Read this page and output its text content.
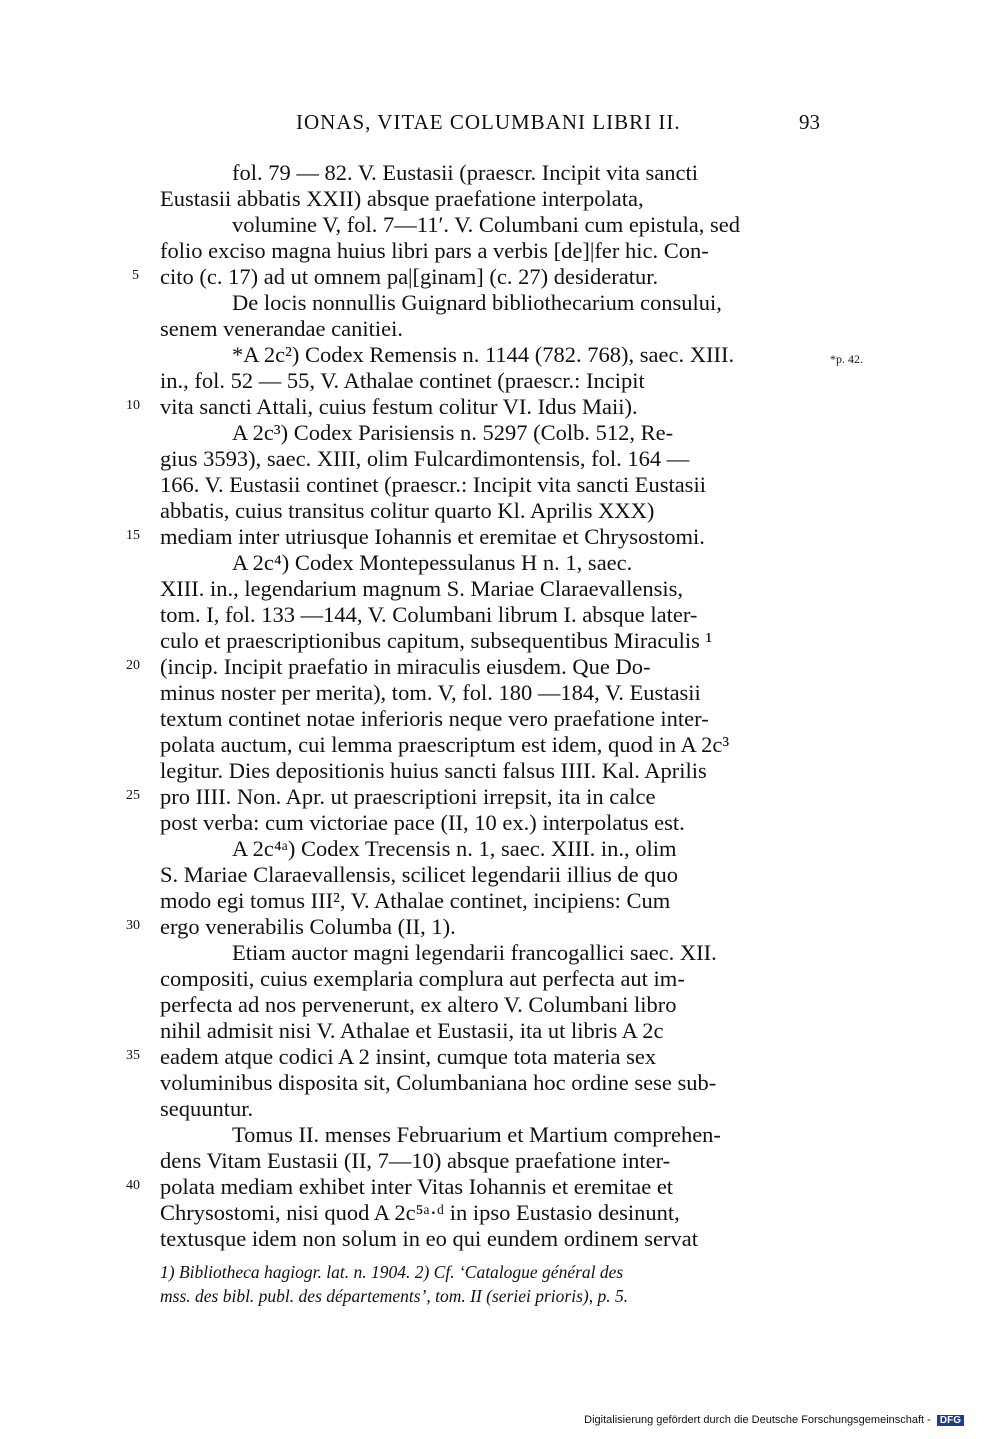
IONAS, VITAE COLUMBANI LIBRI II.	93
fol. 79 — 82. V. Eustasii (praescr. Incipit vita sancti
Eustasii abbatis XXII) absque praefatione interpolata,
volumine V, fol. 7—11′. V. Columbani cum epistula, sed
folio exciso magna huius libri pars a verbis [de]|fer hic. Con-
cito (c. 17) ad ut omnem pa|[ginam] (c. 27) desideratur.
De locis nonnullis Guignard bibliothecarium consului,
senem venerandae canitiei.
*A 2c²) Codex Remensis n. 1144 (782. 768), saec. XIII.
in., fol. 52 — 55, V. Athalae continet (praescr.: Incipit
vita sancti Attali, cuius festum colitur VI. Idus Maii).
A 2c³) Codex Parisiensis n. 5297 (Colb. 512, Re-
gius 3593), saec. XIII, olim Fulcardimontensis, fol. 164 —
166. V. Eustasii continet (praescr.: Incipit vita sancti Eustasii
abbatis, cuius transitus colitur quarto Kl. Aprilis XXX)
mediam inter utriusque Iohannis et eremitae et Chrysostomi.
A 2c⁴) Codex Montepessulanus H n. 1, saec.
XIII. in., legendarium magnum S. Mariae Claraevallensis,
tom. I, fol. 133 —144, V. Columbani librum I. absque later-
culo et praescriptionibus capitum, subsequentibus Miraculis ¹
(incip. Incipit praefatio in miraculis eiusdem. Que Do-
minus noster per merita), tom. V, fol. 180 —184, V. Eustasii
textum continet notae inferioris neque vero praefatione inter-
polata auctum, cui lemma praescriptum est idem, quod in A 2c³
legitur. Dies depositionis huius sancti falsus IIII. Kal. Aprilis
pro IIII. Non. Apr. ut praescriptioni irrepsit, ita in calce
post verba: cum victoriae pace (II, 10 ex.) interpolatus est.
A 2c⁴ᵃ) Codex Trecensis n. 1, saec. XIII. in., olim
S. Mariae Claraevallensis, scilicet legendarii illius de quo
modo egi tomus III², V. Athalae continet, incipiens: Cum
ergo venerabilis Columba (II, 1).
Etiam auctor magni legendarii francogallici saec. XII.
compositi, cuius exemplaria complura aut perfecta aut im-
perfecta ad nos pervenerunt, ex altero V. Columbani libro
nihil admisit nisi V. Athalae et Eustasii, ita ut libris A 2c
eadem atque codici A 2 insint, cumque tota materia sex
voluminibus disposita sit, Columbaniana hoc ordine sese sub-
sequuntur.
Tomus II. menses Februarium et Martium comprehen-
dens Vitam Eustasii (II, 7—10) absque praefatione inter-
polata mediam exhibet inter Vitas Iohannis et eremitae et
Chrysostomi, nisi quod A 2c⁵ᵃ·ᵈ in ipso Eustasio desinunt,
textusque idem non solum in eo qui eundem ordinem servat
5
10
15
20
25
30
35
40
*p. 42.
1) Bibliotheca hagiogr. lat. n. 1904. 2) Cf. ‘Catalogue général des
mss. des bibl. publ. des départements’, tom. II (seriei prioris), p. 5.
Digitalisierung gefördert durch die Deutsche Forschungsgemeinschaft - DFG
